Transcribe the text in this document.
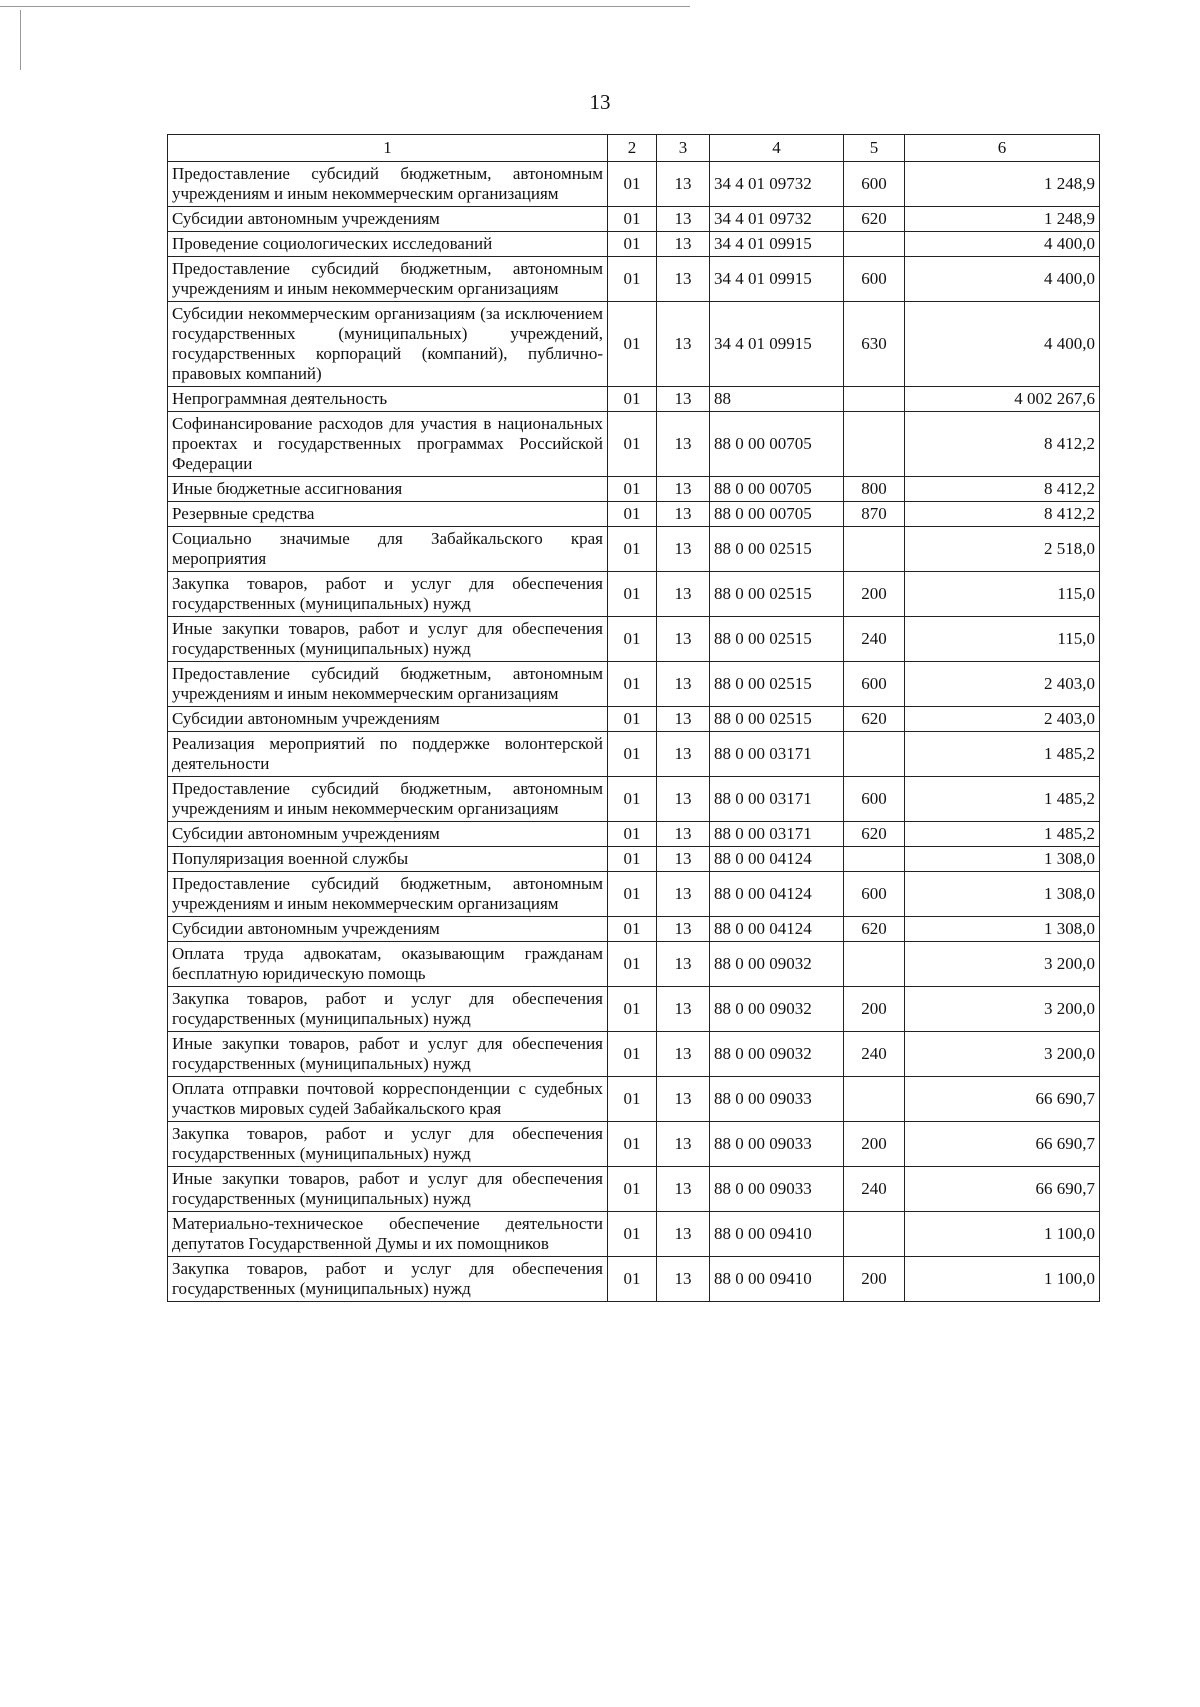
13
1	2	3	4	5	6
Предоставление субсидий бюджетным, автономным учреждениям и иным некоммерческим организациям	01	13	34 4 01 09732	600	1 248,9
Субсидии автономным учреждениям	01	13	34 4 01 09732	620	1 248,9
Проведение социологических исследований	01	13	34 4 01 09915		4 400,0
Предоставление субсидий бюджетным, автономным учреждениям и иным некоммерческим организациям	01	13	34 4 01 09915	600	4 400,0
Субсидии некоммерческим организациям (за исключением государственных (муниципальных) учреждений, государственных корпораций (компаний), публично-правовых компаний)	01	13	34 4 01 09915	630	4 400,0
Непрограммная деятельность	01	13	88		4 002 267,6
Софинансирование расходов для участия в национальных проектах и государственных программах Российской Федерации	01	13	88 0 00 00705		8 412,2
Иные бюджетные ассигнования	01	13	88 0 00 00705	800	8 412,2
Резервные средства	01	13	88 0 00 00705	870	8 412,2
Социально значимые для Забайкальского края мероприятия	01	13	88 0 00 02515		2 518,0
Закупка товаров, работ и услуг для обеспечения государственных (муниципальных) нужд	01	13	88 0 00 02515	200	115,0
Иные закупки товаров, работ и услуг для обеспечения государственных (муниципальных) нужд	01	13	88 0 00 02515	240	115,0
Предоставление субсидий бюджетным, автономным учреждениям и иным некоммерческим организациям	01	13	88 0 00 02515	600	2 403,0
Субсидии автономным учреждениям	01	13	88 0 00 02515	620	2 403,0
Реализация мероприятий по поддержке волонтерской деятельности	01	13	88 0 00 03171		1 485,2
Предоставление субсидий бюджетным, автономным учреждениям и иным некоммерческим организациям	01	13	88 0 00 03171	600	1 485,2
Субсидии автономным учреждениям	01	13	88 0 00 03171	620	1 485,2
Популяризация военной службы	01	13	88 0 00 04124		1 308,0
Предоставление субсидий бюджетным, автономным учреждениям и иным некоммерческим организациям	01	13	88 0 00 04124	600	1 308,0
Субсидии автономным учреждениям	01	13	88 0 00 04124	620	1 308,0
Оплата труда адвокатам, оказывающим гражданам бесплатную юридическую помощь	01	13	88 0 00 09032		3 200,0
Закупка товаров, работ и услуг для обеспечения государственных (муниципальных) нужд	01	13	88 0 00 09032	200	3 200,0
Иные закупки товаров, работ и услуг для обеспечения государственных (муниципальных) нужд	01	13	88 0 00 09032	240	3 200,0
Оплата отправки почтовой корреспонденции с судебных участков мировых судей Забайкальского края	01	13	88 0 00 09033		66 690,7
Закупка товаров, работ и услуг для обеспечения государственных (муниципальных) нужд	01	13	88 0 00 09033	200	66 690,7
Иные закупки товаров, работ и услуг для обеспечения государственных (муниципальных) нужд	01	13	88 0 00 09033	240	66 690,7
Материально-техническое обеспечение деятельности депутатов Государственной Думы и их помощников	01	13	88 0 00 09410		1 100,0
Закупка товаров, работ и услуг для обеспечения государственных (муниципальных) нужд	01	13	88 0 00 09410	200	1 100,0
